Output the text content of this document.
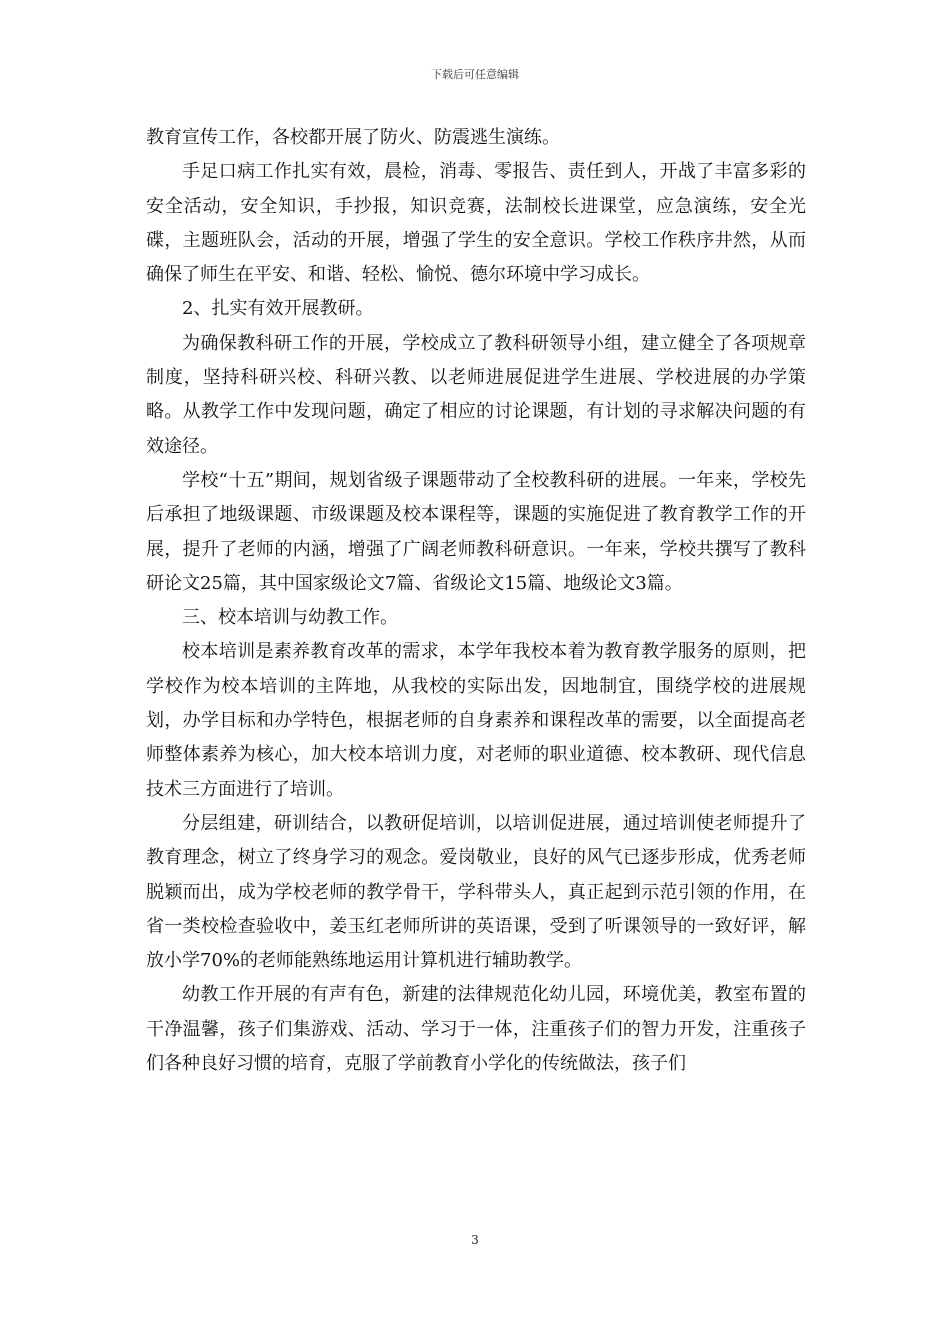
下载后可任意编辑

教育宣传工作，各校都开展了防火、防震逃生演练。

手足口病工作扎实有效，晨检，消毒、零报告、责任到人，开战了丰富多彩的安全活动，安全知识，手抄报，知识竞赛，法制校长进课堂，应急演练，安全光碟，主题班队会，活动的开展，增强了学生的安全意识。学校工作秩序井然，从而确保了师生在平安、和谐、轻松、愉悦、德尔环境中学习成长。

2、扎实有效开展教研。

为确保教科研工作的开展，学校成立了教科研领导小组，建立健全了各项规章制度，坚持科研兴校、科研兴教、以老师进展促进学生进展、学校进展的办学策略。从教学工作中发现问题，确定了相应的讨论课题，有计划的寻求解决问题的有效途径。

学校“十五”期间，规划省级子课题带动了全校教科研的进展。一年来，学校先后承担了地级课题、市级课题及校本课程等，课题的实施促进了教育教学工作的开展，提升了老师的内涵，增强了广阔老师教科研意识。一年来，学校共撰写了教科研论文25篇，其中国家级论文7篇、省级论文15篇、地级论文3篇。

三、校本培训与幼教工作。

校本培训是素养教育改革的需求，本学年我校本着为教育教学服务的原则，把学校作为校本培训的主阵地，从我校的实际出发，因地制宜，围绕学校的进展规划，办学目标和办学特色，根据老师的自身素养和课程改革的需要，以全面提高老师整体素养为核心，加大校本培训力度，对老师的职业道德、校本教研、现代信息技术三方面进行了培训。

分层组建，研训结合，以教研促培训，以培训促进展，通过培训使老师提升了教育理念，树立了终身学习的观念。爱岗敬业，良好的风气已逐步形成，优秀老师脱颖而出，成为学校老师的教学骨干，学科带头人，真正起到示范引领的作用，在省一类校检查验收中，姜玉红老师所讲的英语课，受到了听课领导的一致好评，解放小学70%的老师能熟练地运用计算机进行辅助教学。

幼教工作开展的有声有色，新建的法律规范化幼儿园，环境优美，教室布置的干净温馨，孩子们集游戏、活动、学习于一体，注重孩子们的智力开发，注重孩子们各种良好习惯的培育，克服了学前教育小学化的传统做法，孩子们

3
